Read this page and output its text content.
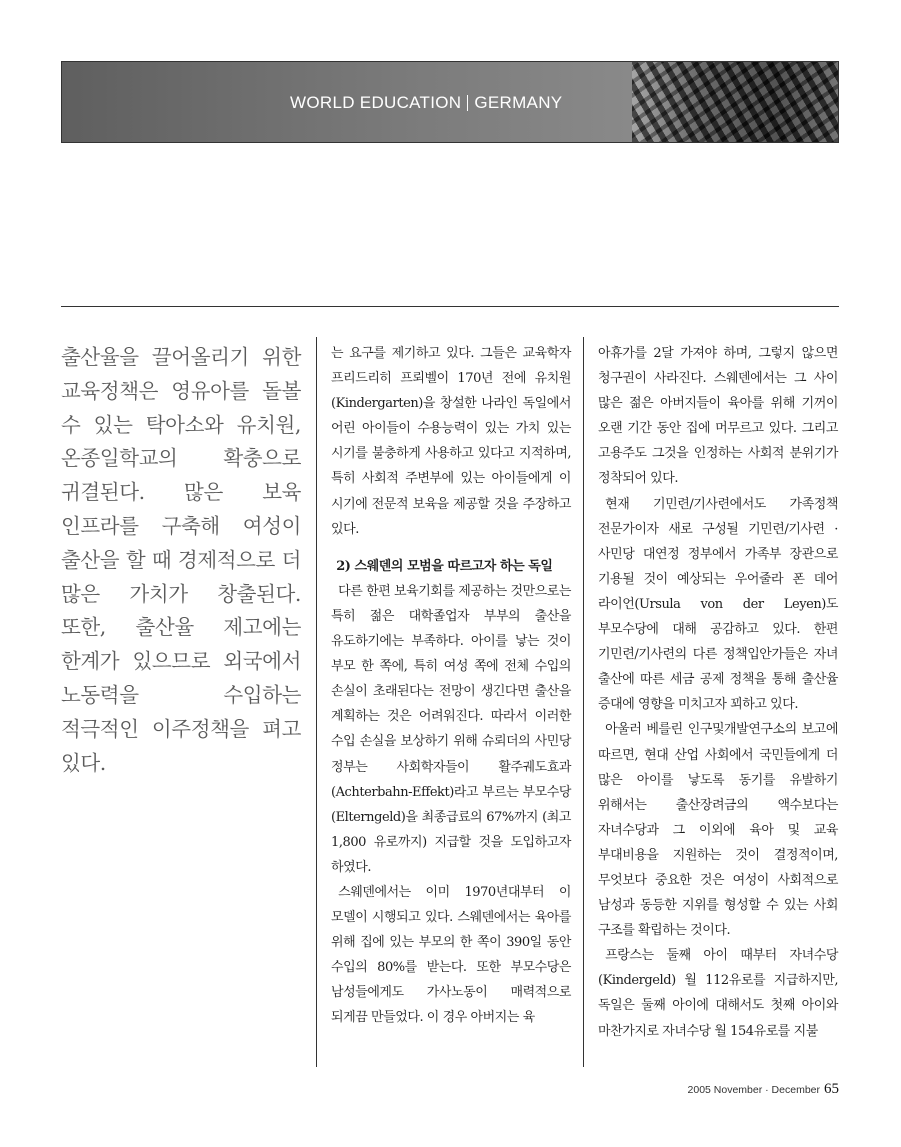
WORLD EDUCATION GERMANY
출산율을 끌어올리기 위한 교육정책은 영유아를 돌볼 수 있는 탁아소와 유치원, 온종일학교의 확충으로 귀결된다. 많은 보육 인프라를 구축해 여성이 출산을 할 때 경제적으로 더 많은 가치가 창출된다. 또한, 출산율 제고에는 한계가 있으므로 외국에서 노동력을 수입하는 적극적인 이주정책을 펴고 있다.

는 요구를 제기하고 있다. 그들은 교육학자 프리드리히 프뢰벨이 170년 전에 유치원(Kindergarten)을 창설한 나라인 독일에서 어린 아이들이 수용능력이 있는 가치 있는 시기를 불충하게 사용하고 있다고 지적하며, 특히 사회적 주변부에 있는 아이들에게 이 시기에 전문적 보육을 제공할 것을 주장하고 있다.

2) 스웨덴의 모범을 따르고자 하는 독일

다른 한편 보육기회를 제공하는 것만으로는 특히 젊은 대학졸업자 부부의 출산을 유도하기에는 부족하다. 아이를 낳는 것이 부모 한 쪽에, 특히 여성 쪽에 전체 수입의 손실이 초래된다는 전망이 생긴다면 출산을 계획하는 것은 어려워진다. 따라서 이러한 수입 손실을 보상하기 위해 슈뢰더의 사민당 정부는 사회학자들이 활주궤도효과(Achterbahn-Effekt)라고 부르는 부모수당(Elterngeld)을 최종급료의 67%까지 (최고 1,800 유로까지) 지급할 것을 도입하고자 하였다.

스웨덴에서는 이미 1970년대부터 이 모델이 시행되고 있다. 스웨덴에서는 육아를 위해 집에 있는 부모의 한 쪽이 390일 동안 수입의 80%를 받는다. 또한 부모수당은 남성들에게도 가사노동이 매력적으로 되게끔 만들었다. 이 경우 아버지는 육

아휴가를 2달 가져야 하며, 그렇지 않으면 청구권이 사라진다. 스웨덴에서는 그 사이 많은 젊은 아버지들이 육아를 위해 기꺼이 오랜 기간 동안 집에 머무르고 있다. 그리고 고용주도 그것을 인정하는 사회적 분위기가 정착되어 있다.

현재 기민련/기사련에서도 가족정책 전문가이자 새로 구성될 기민련/기사련 · 사민당 대연정 정부에서 가족부 장관으로 기용될 것이 예상되는 우어줄라 폰 데어 라이언(Ursula von der Leyen)도 부모수당에 대해 공감하고 있다. 한편 기민련/기사련의 다른 정책입안가들은 자녀 출산에 따른 세금 공제 정책을 통해 출산율 증대에 영향을 미치고자 꾀하고 있다.

아울러 베를린 인구및개발연구소의 보고에 따르면, 현대 산업 사회에서 국민들에게 더 많은 아이를 낳도록 동기를 유발하기 위해서는 출산장려금의 액수보다는 자녀수당과 그 이외에 육아 및 교육 부대비용을 지원하는 것이 결정적이며, 무엇보다 중요한 것은 여성이 사회적으로 남성과 동등한 지위를 형성할 수 있는 사회 구조를 확립하는 것이다.

프랑스는 둘째 아이 때부터 자녀수당(Kindergeld) 월 112유로를 지급하지만, 독일은 둘째 아이에 대해서도 첫째 아이와 마찬가지로 자녀수당 월 154유로를 지불

2005 November · December 65
